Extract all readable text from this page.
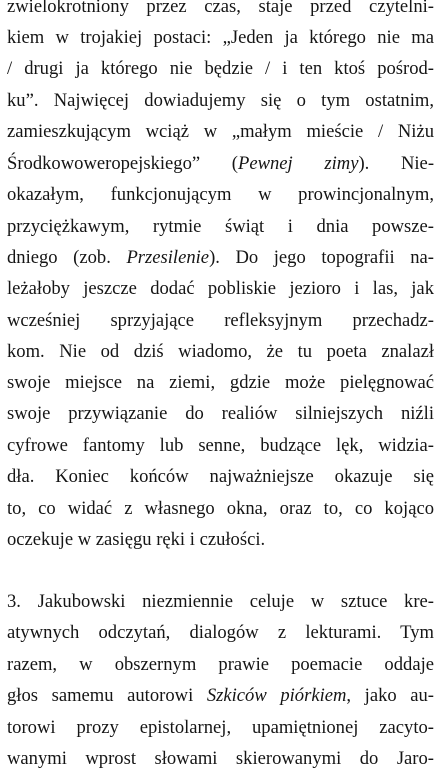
zwielokrotniony przez czas, staje przed czytelni-
kiem w trojakiej postaci: „Jeden ja którego nie ma
/ drugi ja którego nie będzie / i ten ktoś pośrod-
ku”. Najwięcej dowiadujemy się o tym ostatnim,
zamieszkującym wciąż w „małym mieście / Niżu
Środkowoweropejskiego” (Pewnej zimy). Nie-
okazałym, funkcjonującym w prowincjonalnym,
przyciężkawym, rytmie świąt i dnia powsze-
dniego (zob. Przesilenie). Do jego topografii na-
leżałoby jeszcze dodać pobliskie jezioro i las, jak
wcześniej sprzyjające refleksyjnym przechadz-
kom. Nie od dziś wiadomo, że tu poeta znalazł
swoje miejsce na ziemi, gdzie może pielęgnować
swoje przywiązanie do realiów silniejszych niźli
cyfrowe fantomy lub senne, budzące lęk, widzia-
dła. Koniec końców najważniejsze okazuje się
to, co widać z własnego okna, oraz to, co kojąco
oczekuje w zasięgu ręki i czułości.
3. Jakubowski niezmiennie celuje w sztuce kre-
atywnych odczytań, dialogów z lekturami. Tym
razem, w obszernym prawie poemacie oddaje
głos samemu autorowi Szkiców piórkiem, jako au-
torowi prozy epistolarnej, upamiętnionej zacyto-
wanymi wprost słowami skierowanymi do Jaro-
